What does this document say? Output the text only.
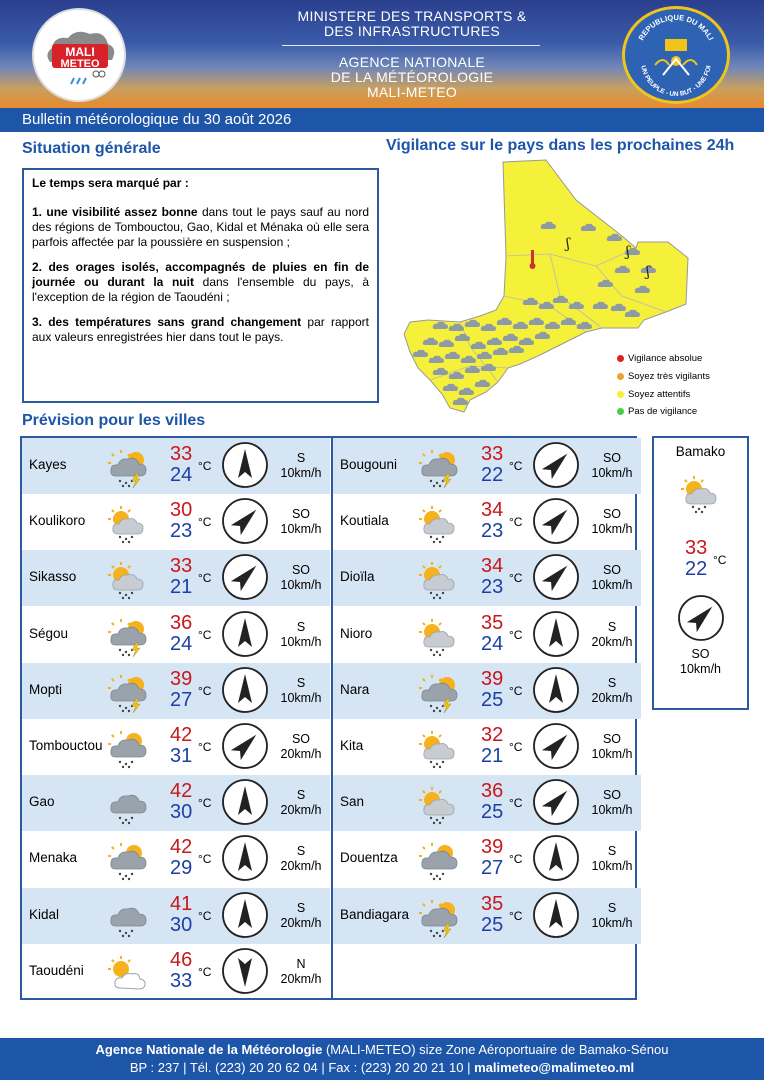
MALI
METEO
MINISTERE DES TRANSPORTS &
DES INFRASTRUCTURES
AGENCE NATIONALE
DE LA MÉTÉOROLOGIE
MALI-METEO
REPUBLIQUE DU MALI
UN PEUPLE - UN BUT - UNE FOI
Bulletin météorologique du 30 août 2026
Situation générale

Le temps sera marqué par :

1. une visibilité assez bonne dans tout le pays sauf au nord des régions de Tombouctou, Gao, Kidal et Ménaka où elle sera parfois affectée par la poussière en suspension ;

2. des orages isolés, accompagnés de pluies en fin de journée ou durant la nuit dans l'ensemble du pays, à l'exception de la région de Taoudéni ;

3. des températures sans grand changement par rapport aux valeurs enregistrées hier dans tout le pays.

Vigilance sur le pays dans les prochaines 24h
ʃ	ʃ
ʃ
Vigilance absolue
Soyez très vigilants
Soyez attentifs
Pas de vigilance
Prévision pour les villes
Kayes	33
24 °C
S
10km/h
Koulikoro	30
23 °C
SO
10km/h
Sikasso	33
21 °C
SO
10km/h
Ségou	36
24 °C
S
10km/h
Mopti	39
27 °C
S
10km/h
Tombouctou	42
31 °C
SO
20km/h
Gao	42
30 °C
S
20km/h
Menaka	42
29 °C
S
20km/h
Kidal	41
30 °C
S
20km/h
Taoudéni	46
33 °C
N
20km/h
Bougouni	33
22 °C
SO
10km/h
Koutiala	34
23 °C
SO
10km/h
Dioïla	34
23 °C
SO
10km/h
Nioro	35
24 °C
S
20km/h
Nara	39
25 °C
S
20km/h
Kita	32
21 °C
SO
10km/h
San	36
25 °C
SO
10km/h
Douentza	39
27 °C
S
10km/h
Bandiagara	35
25 °C
S
10km/h
Bamako
33
22 °C
SO
10km/h
Agence Nationale de la Météorologie (MALI-METEO) size Zone Aéroportuaire de Bamako-Sénou
BP : 237 | Tél. (223) 20 20 62 04 | Fax : (223) 20 20 21 10 | malimeteo@malimeteo.ml
